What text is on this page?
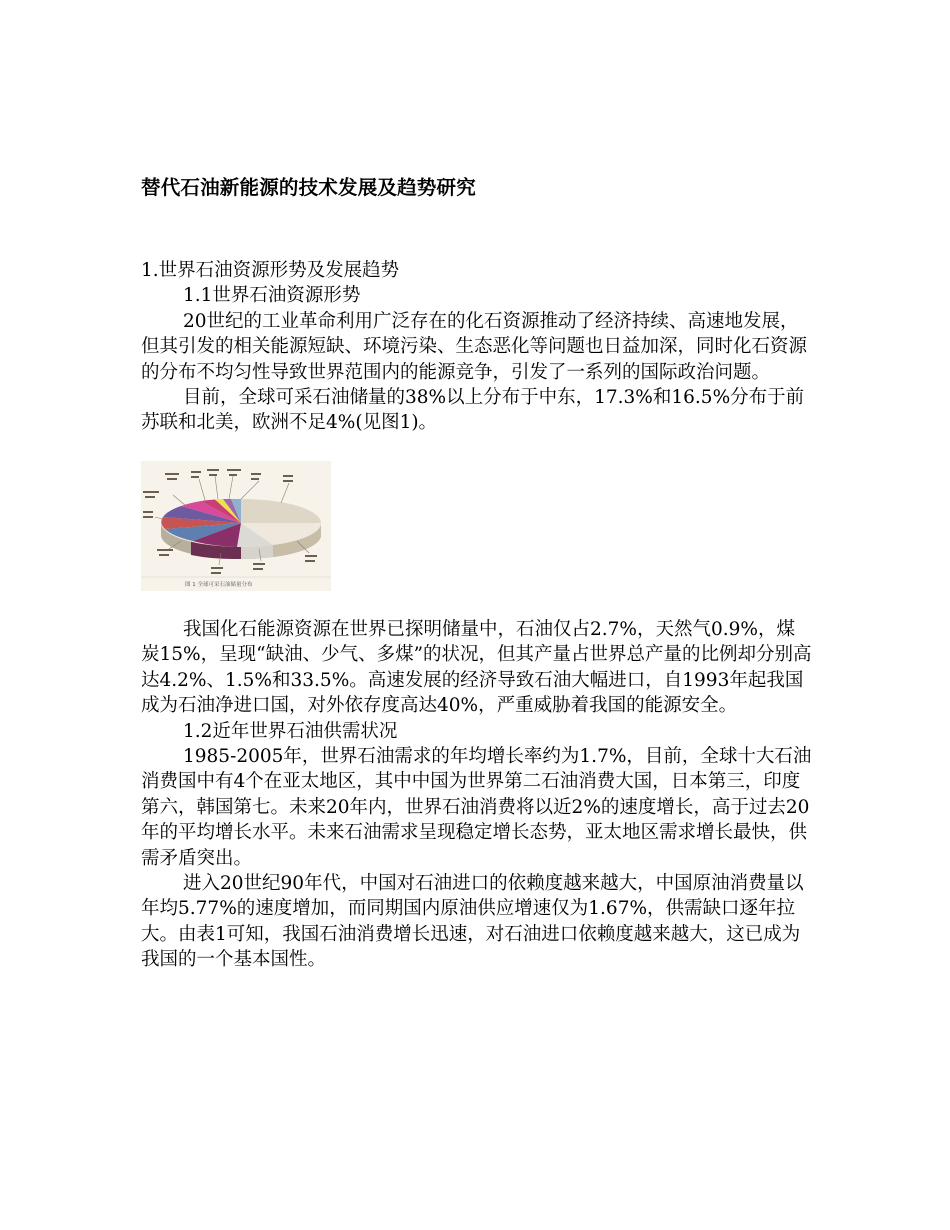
替代石油新能源的技术发展及趋势研究

1.世界石油资源形势及发展趋势

1.1世界石油资源形势

20世纪的工业革命利用广泛存在的化石资源推动了经济持续、高速地发展，但其引发的相关能源短缺、环境污染、生态恶化等问题也日益加深，同时化石资源的分布不均匀性导致世界范围内的能源竞争，引发了一系列的国际政治问题。

目前，全球可采石油储量的38%以上分布于中东，17.3%和16.5%分布于前苏联和北美，欧洲不足4%(见图1)。

图 1 全球可采石油储量分布

我国化石能源资源在世界已探明储量中，石油仅占2.7%，天然气0.9%，煤炭15%，呈现“缺油、少气、多煤”的状况，但其产量占世界总产量的比例却分别高达4.2%、1.5%和33.5%。高速发展的经济导致石油大幅进口，自1993年起我国成为石油净进口国，对外依存度高达40%，严重威胁着我国的能源安全。

1.2近年世界石油供需状况

1985-2005年，世界石油需求的年均增长率约为1.7%，目前，全球十大石油消费国中有4个在亚太地区，其中中国为世界第二石油消费大国，日本第三，印度第六，韩国第七。未来20年内，世界石油消费将以近2%的速度增长，高于过去20年的平均增长水平。未来石油需求呈现稳定增长态势，亚太地区需求增长最快，供需矛盾突出。

进入20世纪90年代，中国对石油进口的依赖度越来越大，中国原油消费量以年均5.77%的速度增加，而同期国内原油供应增速仅为1.67%，供需缺口逐年拉大。由表1可知，我国石油消费增长迅速，对石油进口依赖度越来越大，这已成为我国的一个基本国性。
